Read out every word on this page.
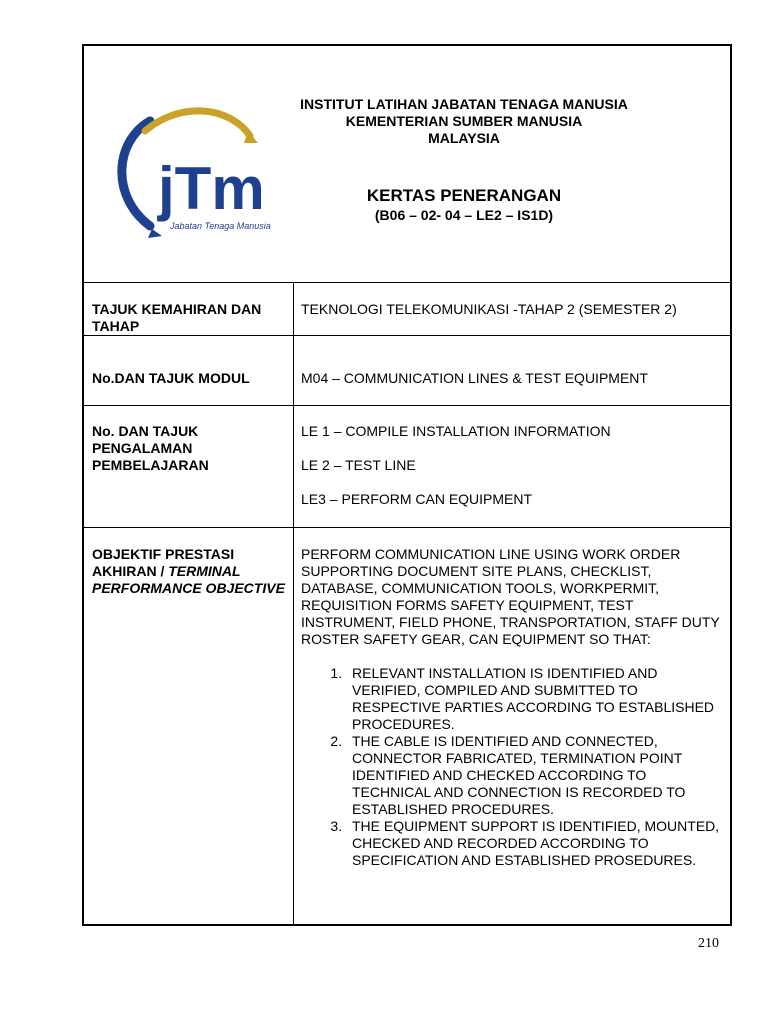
jTm
Jabatan Tenaga Manusia
INSTITUT LATIHAN JABATAN TENAGA MANUSIA
KEMENTERIAN SUMBER MANUSIA
MALAYSIA
KERTAS PENERANGAN
(B06 – 02- 04 – LE2 – IS1D)
TAJUK KEMAHIRAN DAN TAHAP
TEKNOLOGI TELEKOMUNIKASI -TAHAP 2 (SEMESTER 2)
No.DAN TAJUK MODUL	M04 – COMMUNICATION LINES & TEST EQUIPMENT
No. DAN TAJUK PENGALAMAN PEMBELAJARAN
LE 1 – COMPILE INSTALLATION INFORMATION
LE 2 – TEST LINE
LE3 – PERFORM CAN EQUIPMENT
OBJEKTIF PRESTASI AKHIRAN / TERMINAL PERFORMANCE OBJECTIVE
PERFORM COMMUNICATION LINE USING WORK ORDER SUPPORTING DOCUMENT SITE PLANS, CHECKLIST, DATABASE, COMMUNICATION TOOLS, WORKPERMIT, REQUISITION FORMS SAFETY EQUIPMENT, TEST INSTRUMENT, FIELD PHONE, TRANSPORTATION, STAFF DUTY ROSTER SAFETY GEAR, CAN EQUIPMENT SO THAT:
1. RELEVANT INSTALLATION IS IDENTIFIED AND VERIFIED, COMPILED AND SUBMITTED TO RESPECTIVE PARTIES ACCORDING TO ESTABLISHED PROCEDURES.
2. THE CABLE IS IDENTIFIED AND CONNECTED, CONNECTOR FABRICATED, TERMINATION POINT IDENTIFIED AND CHECKED ACCORDING TO TECHNICAL AND CONNECTION IS RECORDED TO ESTABLISHED PROCEDURES.
3. THE EQUIPMENT SUPPORT IS IDENTIFIED, MOUNTED, CHECKED AND RECORDED ACCORDING TO SPECIFICATION AND ESTABLISHED PROSEDURES.
210
